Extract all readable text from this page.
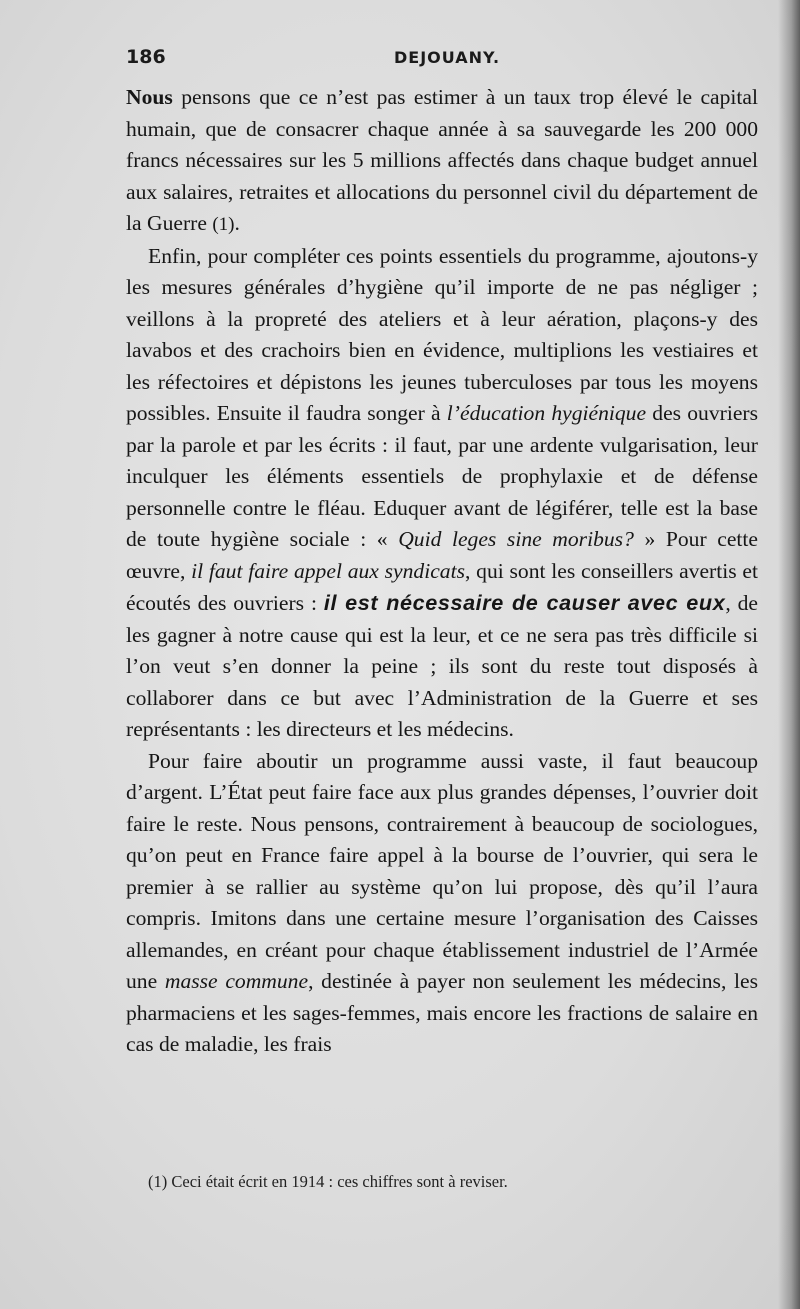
186	DEJOUANY.

Nous pensons que ce n’est pas estimer à un taux trop élevé le capital humain, que de consacrer chaque année à sa sauvegarde les 200 000 francs nécessaires sur les 5 millions affectés dans chaque budget annuel aux salaires, retraites et allocations du personnel civil du département de la Guerre (1).

Enfin, pour compléter ces points essentiels du programme, ajoutons-y les mesures générales d’hygiène qu’il importe de ne pas négliger ; veillons à la propreté des ateliers et à leur aération, plaçons-y des lavabos et des crachoirs bien en évidence, multiplions les vestiaires et les réfectoires et dépistons les jeunes tuberculoses par tous les moyens possibles. Ensuite il faudra songer à l’éducation hygiénique des ouvriers par la parole et par les écrits : il faut, par une ardente vulgarisation, leur inculquer les éléments essentiels de prophylaxie et de défense personnelle contre le fléau. Eduquer avant de légiférer, telle est la base de toute hygiène sociale : « Quid leges sine moribus? » Pour cette œuvre, il faut faire appel aux syndicats, qui sont les conseillers avertis et écoutés des ouvriers : il est nécessaire de causer avec eux, de les gagner à notre cause qui est la leur, et ce ne sera pas très difficile si l’on veut s’en donner la peine ; ils sont du reste tout disposés à collaborer dans ce but avec l’Administration de la Guerre et ses représentants : les directeurs et les médecins.

Pour faire aboutir un programme aussi vaste, il faut beaucoup d’argent. L’État peut faire face aux plus grandes dépenses, l’ouvrier doit faire le reste. Nous pensons, contrairement à beaucoup de sociologues, qu’on peut en France faire appel à la bourse de l’ouvrier, qui sera le premier à se rallier au système qu’on lui propose, dès qu’il l’aura compris. Imitons dans une certaine mesure l’organisation des Caisses allemandes, en créant pour chaque établissement industriel de l’Armée une masse commune, destinée à payer non seulement les médecins, les pharmaciens et les sages-femmes, mais encore les fractions de salaire en cas de maladie, les frais

(1) Ceci était écrit en 1914 : ces chiffres sont à reviser.
